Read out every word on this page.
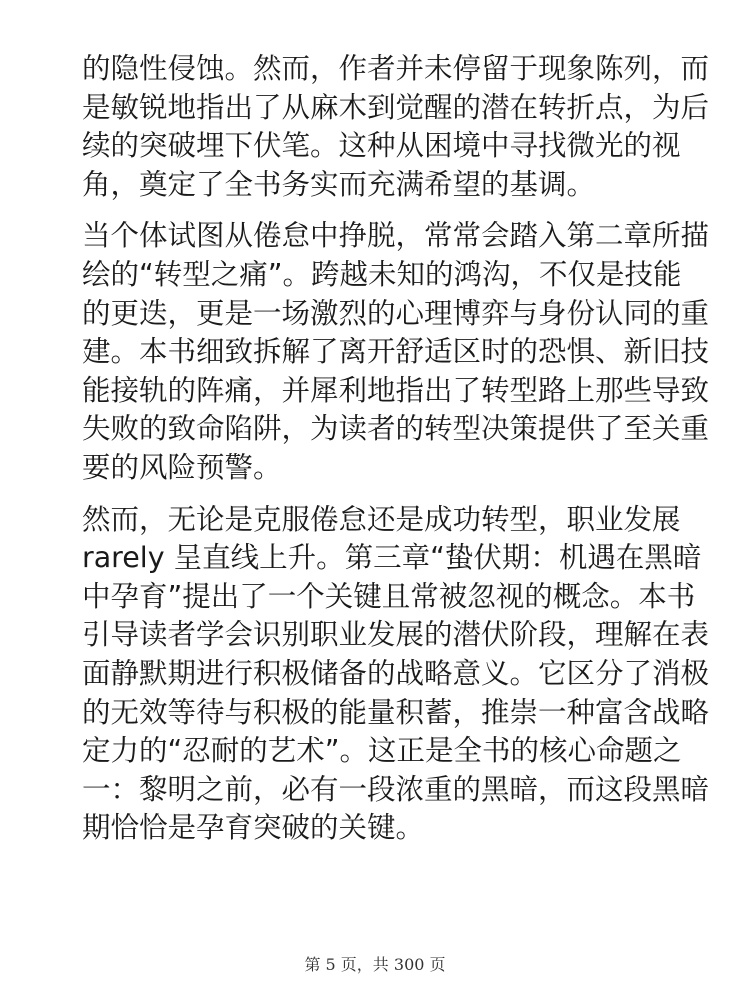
的隐性侵蚀。然而，作者并未停留于现象陈列，而
是敏锐地指出了从麻木到觉醒的潜在转折点，为后
续的突破埋下伏笔。这种从困境中寻找微光的视
角，奠定了全书务实而充满希望的基调。

当个体试图从倦怠中挣脱，常常会踏入第二章所描
绘的“转型之痛”。跨越未知的鸿沟，不仅是技能
的更迭，更是一场激烈的心理博弈与身份认同的重
建。本书细致拆解了离开舒适区时的恐惧、新旧技
能接轨的阵痛，并犀利地指出了转型路上那些导致
失败的致命陷阱，为读者的转型决策提供了至关重
要的风险预警。

然而，无论是克服倦怠还是成功转型，职业发展
rarely 呈直线上升。第三章“蛰伏期：机遇在黑暗
中孕育”提出了一个关键且常被忽视的概念。本书
引导读者学会识别职业发展的潜伏阶段，理解在表
面静默期进行积极储备的战略意义。它区分了消极
的无效等待与积极的能量积蓄，推崇一种富含战略
定力的“忍耐的艺术”。这正是全书的核心命题之
一：黎明之前，必有一段浓重的黑暗，而这段黑暗
期恰恰是孕育突破的关键。

第 5 页，共 300 页
